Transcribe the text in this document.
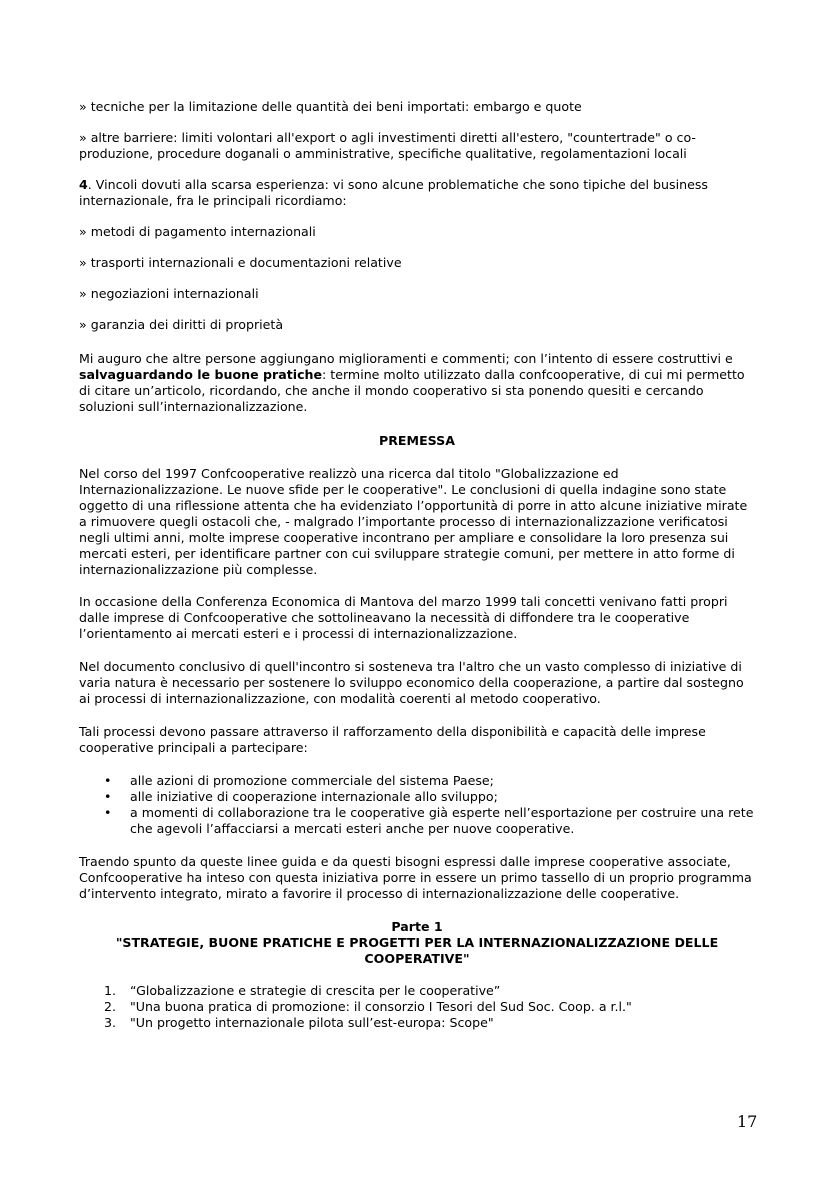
» tecniche per la limitazione delle quantità dei beni importati: embargo e quote

» altre barriere: limiti volontari all'export o agli investimenti diretti all'estero, "countertrade" o co-produzione, procedure doganali o amministrative, specifiche qualitative, regolamentazioni locali

4. Vincoli dovuti alla scarsa esperienza: vi sono alcune problematiche che sono tipiche del business internazionale, fra le principali ricordiamo:

» metodi di pagamento internazionali

» trasporti internazionali e documentazioni relative

» negoziazioni internazionali

» garanzia dei diritti di proprietà

Mi auguro che altre persone aggiungano miglioramenti e commenti; con l’intento di essere costruttivi e salvaguardando le buone pratiche: termine molto utilizzato dalla confcooperative, di cui mi permetto di citare un’articolo, ricordando, che anche il mondo cooperativo si sta ponendo quesiti e cercando soluzioni sull’internazionalizzazione.

PREMESSA

Nel corso del 1997 Confcooperative realizzò una ricerca dal titolo "Globalizzazione ed Internazionalizzazione. Le nuove sfide per le cooperative". Le conclusioni di quella indagine sono state oggetto di una riflessione attenta che ha evidenziato l’opportunità di porre in atto alcune iniziative mirate a rimuovere quegli ostacoli che, - malgrado l’importante processo di internazionalizzazione verificatosi negli ultimi anni, molte imprese cooperative incontrano per ampliare e consolidare la loro presenza sui mercati esteri, per identificare partner con cui sviluppare strategie comuni, per mettere in atto forme di internazionalizzazione più complesse.

In occasione della Conferenza Economica di Mantova del marzo 1999 tali concetti venivano fatti propri dalle imprese di Confcooperative che sottolineavano la necessità di diffondere tra le cooperative l’orientamento ai mercati esteri e i processi di internazionalizzazione.

Nel documento conclusivo di quell'incontro si sosteneva tra l'altro che un vasto complesso di iniziative di varia natura è necessario per sostenere lo sviluppo economico della cooperazione, a partire dal sostegno ai processi di internazionalizzazione, con modalità coerenti al metodo cooperativo.

Tali processi devono passare attraverso il rafforzamento della disponibilità e capacità delle imprese cooperative principali a partecipare:

• alle azioni di promozione commerciale del sistema Paese;
• alle iniziative di cooperazione internazionale allo sviluppo;
• a momenti di collaborazione tra le cooperative già esperte nell’esportazione per costruire una rete che agevoli l’affacciarsi a mercati esteri anche per nuove cooperative.

Traendo spunto da queste linee guida e da questi bisogni espressi dalle imprese cooperative associate, Confcooperative ha inteso con questa iniziativa porre in essere un primo tassello di un proprio programma d’intervento integrato, mirato a favorire il processo di internazionalizzazione delle cooperative.

Parte 1

"STRATEGIE, BUONE PRATICHE E PROGETTI PER LA INTERNAZIONALIZZAZIONE DELLE COOPERATIVE"

1. “Globalizzazione e strategie di crescita per le cooperative”
2. "Una buona pratica di promozione: il consorzio I Tesori del Sud Soc. Coop. a r.l."
3. "Un progetto internazionale pilota sull’est-europa: Scope"
17
